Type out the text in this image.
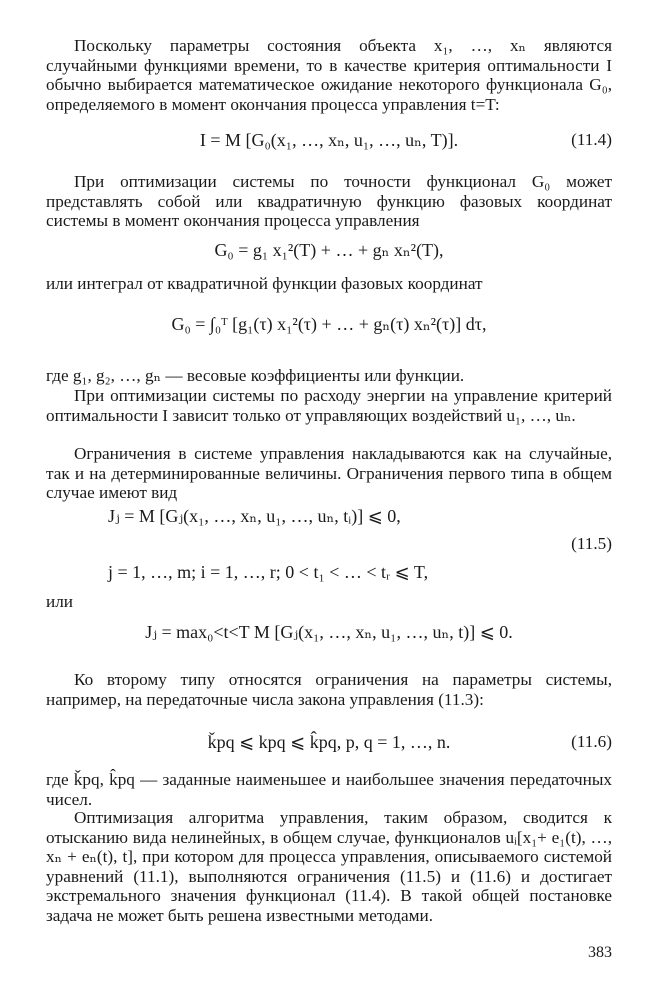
Поскольку параметры состояния объекта x₁, …, xₙ являются случайными функциями времени, то в качестве критерия оптимальности I обычно выбирается математическое ожидание некоторого функционала G₀, определяемого в момент окончания процесса управления t=T:
I = M [G₀(x₁, …, xₙ, u₁, …, uₙ, T)].	(11.4)
При оптимизации системы по точности функционал G₀ может представлять собой или квадратичную функцию фазовых координат системы в момент окончания процесса управления
G₀ = g₁ x₁²(T) + … + gₙ xₙ²(T),
или интеграл от квадратичной функции фазовых координат
G₀ = ∫₀ᵀ [g₁(τ) x₁²(τ) + … + gₙ(τ) xₙ²(τ)] dτ,
где g₁, g₂, …, gₙ — весовые коэффициенты или функции.
При оптимизации системы по расходу энергии на управление критерий оптимальности I зависит только от управляющих воздействий u₁, …, uₙ.
Ограничения в системе управления накладываются как на случайные, так и на детерминированные величины. Ограничения первого типа в общем случае имеют вид
Jⱼ = M [Gⱼ(x₁, …, xₙ, u₁, …, uₙ, tᵢ)] ⩽ 0,
(11.5)
j = 1, …, m; i = 1, …, r; 0 < t₁ < … < tᵣ ⩽ T,
или
Jⱼ = max₀<t<T M [Gⱼ(x₁, …, xₙ, u₁, …, uₙ, t)] ⩽ 0.
Ко второму типу относятся ограничения на параметры системы, например, на передаточные числа закона управления (11.3):
ǩpq ⩽ kpq ⩽ k̂pq, p, q = 1, …, n.	(11.6)
где ǩpq, k̂pq — заданные наименьшее и наибольшее значения передаточных чисел.
Оптимизация алгоритма управления, таким образом, сводится к отысканию вида нелинейных, в общем случае, функционалов uᵢ[x₁+ e₁(t), …, xₙ + eₙ(t), t], при котором для процесса управления, описываемого системой уравнений (11.1), выполняются ограничения (11.5) и (11.6) и достигает экстремального значения функционал (11.4). В такой общей постановке задача не может быть решена известными методами.
383
